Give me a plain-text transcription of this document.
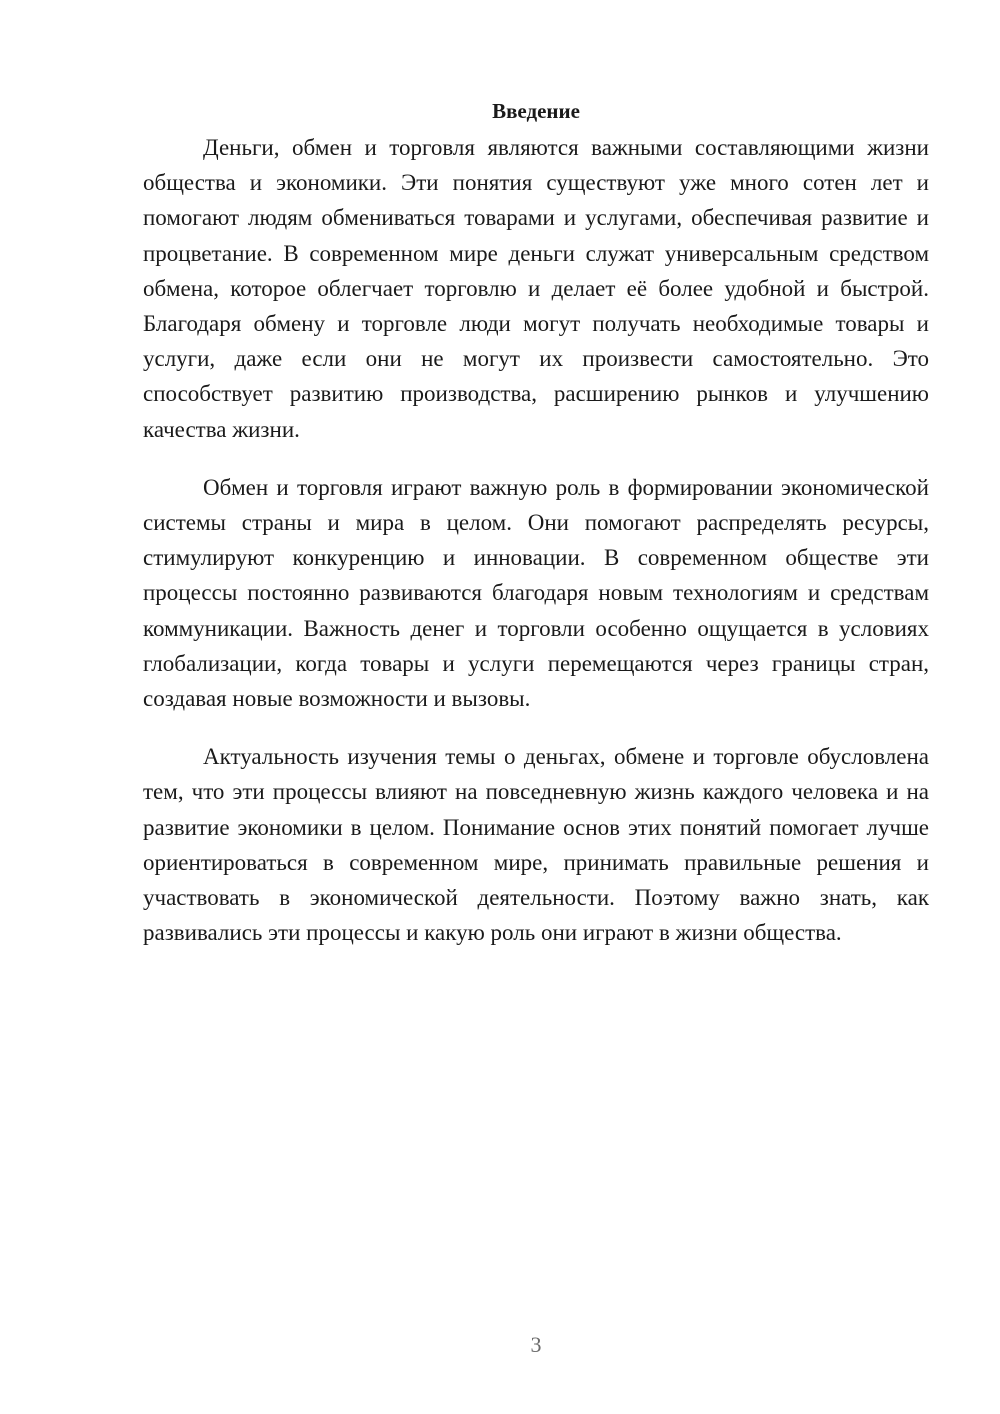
Введение

Деньги, обмен и торговля являются важными составляющими жизни общества и экономики. Эти понятия существуют уже много сотен лет и помогают людям обмениваться товарами и услугами, обеспечивая развитие и процветание. В современном мире деньги служат универсальным средством обмена, которое облегчает торговлю и делает её более удобной и быстрой. Благодаря обмену и торговле люди могут получать необходимые товары и услуги, даже если они не могут их произвести самостоятельно. Это способствует развитию производства, расширению рынков и улучшению качества жизни.

Обмен и торговля играют важную роль в формировании экономической системы страны и мира в целом. Они помогают распределять ресурсы, стимулируют конкуренцию и инновации. В современном обществе эти процессы постоянно развиваются благодаря новым технологиям и средствам коммуникации. Важность денег и торговли особенно ощущается в условиях глобализации, когда товары и услуги перемещаются через границы стран, создавая новые возможности и вызовы.

Актуальность изучения темы о деньгах, обмене и торговле обусловлена тем, что эти процессы влияют на повседневную жизнь каждого человека и на развитие экономики в целом. Понимание основ этих понятий помогает лучше ориентироваться в современном мире, принимать правильные решения и участвовать в экономической деятельности. Поэтому важно знать, как развивались эти процессы и какую роль они играют в жизни общества.

3
